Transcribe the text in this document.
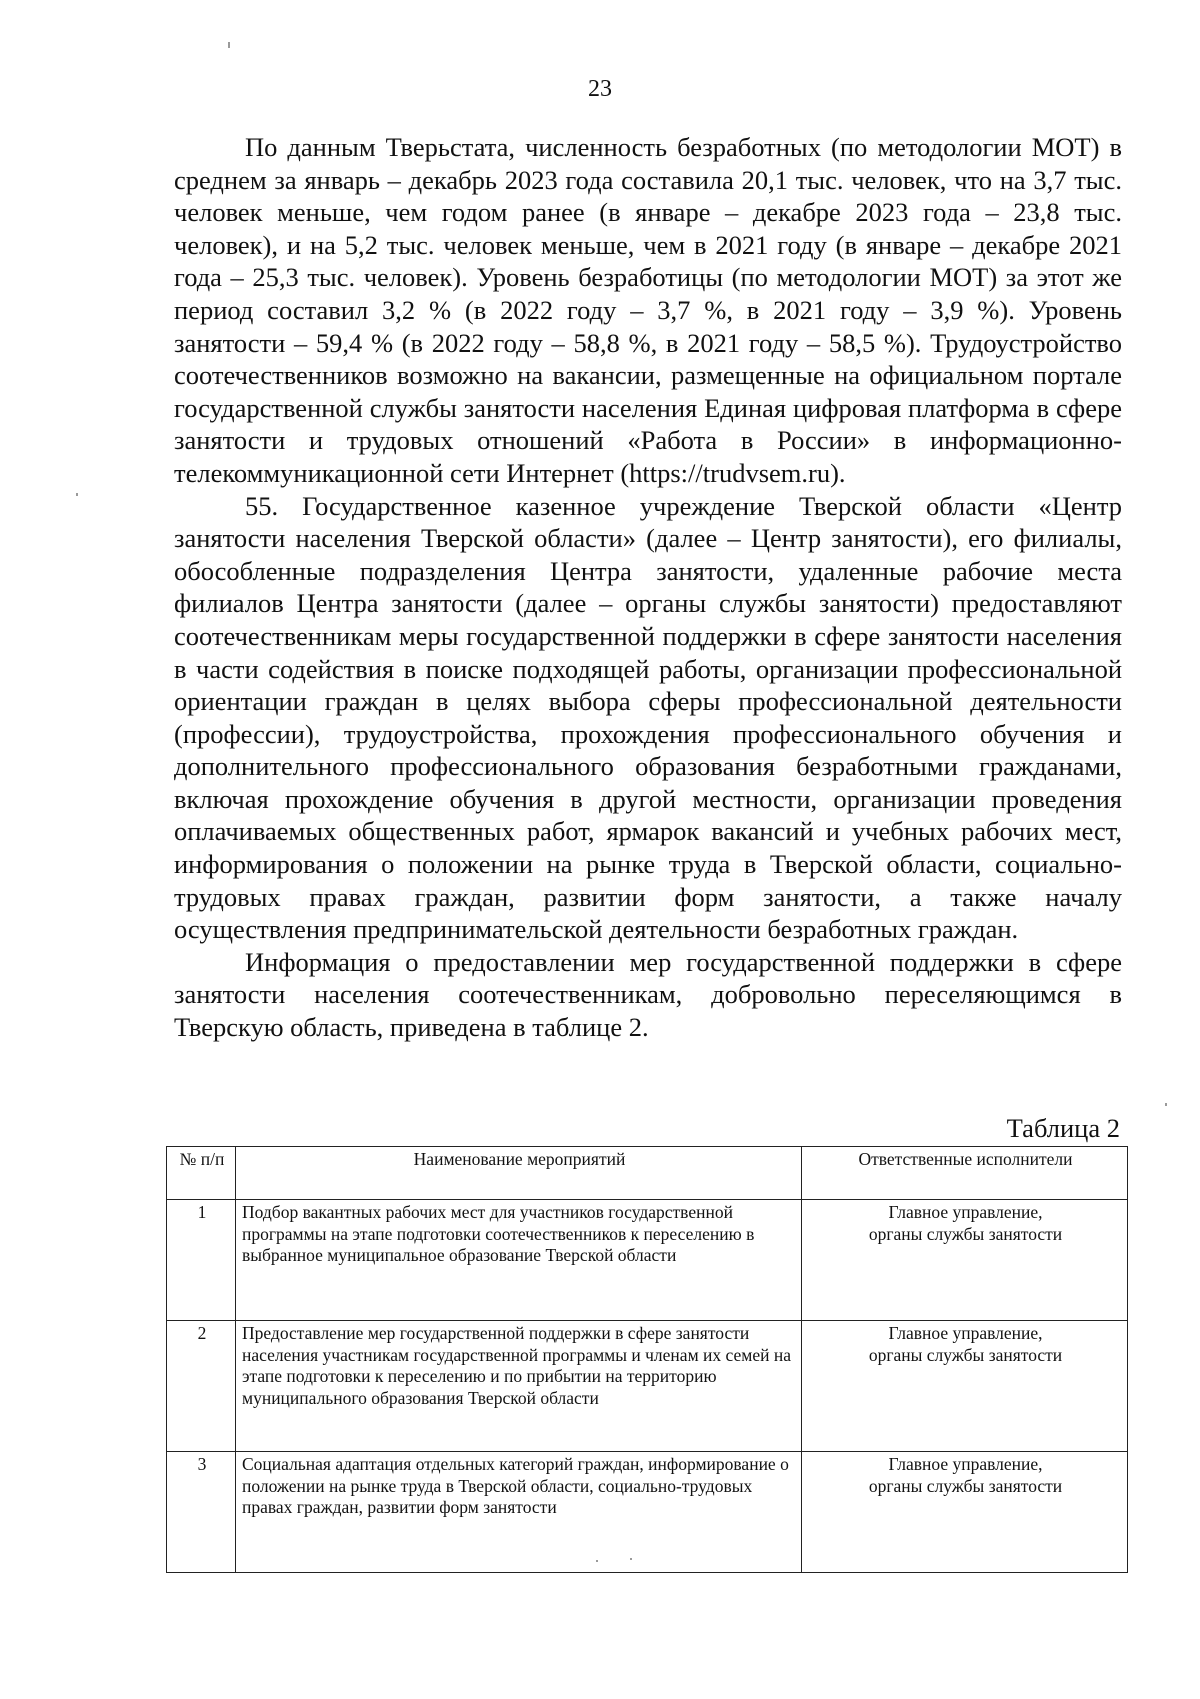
23

По данным Тверьстата, численность безработных (по методологии МОТ) в среднем за январь – декабрь 2023 года составила 20,1 тыс. человек, что на 3,7 тыс. человек меньше, чем годом ранее (в январе – декабре 2023 года – 23,8 тыс. человек), и на 5,2 тыс. человек меньше, чем в 2021 году (в январе – декабре 2021 года – 25,3 тыс. человек). Уровень безработицы (по методологии МОТ) за этот же период составил 3,2 % (в 2022 году – 3,7 %, в 2021 году – 3,9 %). Уровень занятости – 59,4 % (в 2022 году – 58,8 %, в 2021 году – 58,5 %). Трудоустройство соотечественников возможно на вакансии, размещенные на официальном портале государственной службы занятости населения Единая цифровая платформа в сфере занятости и трудовых отношений «Работа в России» в информационно-телекоммуникационной сети Интернет (https://trudvsem.ru).

55. Государственное казенное учреждение Тверской области «Центр занятости населения Тверской области» (далее – Центр занятости), его филиалы, обособленные подразделения Центра занятости, удаленные рабочие места филиалов Центра занятости (далее – органы службы занятости) предоставляют соотечественникам меры государственной поддержки в сфере занятости населения в части содействия в поиске подходящей работы, организации профессиональной ориентации граждан в целях выбора сферы профессиональной деятельности (профессии), трудоустройства, прохождения профессионального обучения и дополнительного профессионального образования безработными гражданами, включая прохождение обучения в другой местности, организации проведения оплачиваемых общественных работ, ярмарок вакансий и учебных рабочих мест, информирования о положении на рынке труда в Тверской области, социально-трудовых правах граждан, развитии форм занятости, а также началу осуществления предпринимательской деятельности безработных граждан.

Информация о предоставлении мер государственной поддержки в сфере занятости населения соотечественникам, добровольно переселяющимся в Тверскую область, приведена в таблице 2.

Таблица 2
№ п/п	Наименование мероприятий	Ответственные исполнители
1	Подбор вакантных рабочих мест для участников государственной программы на этапе подготовки соотечественников к переселению в выбранное муниципальное образование Тверской области	Главное управление,
органы службы занятости

2	Предоставление мер государственной поддержки в сфере занятости населения участникам государственной программы и членам их семей на этапе подготовки к переселению и по прибытии на территорию муниципального образования Тверской области	Главное управление,
органы службы занятости

3	Социальная адаптация отдельных категорий граждан, информирование о положении на рынке труда в Тверской области, социально-трудовых правах граждан, развитии форм занятости	Главное управление,
органы службы занятости
